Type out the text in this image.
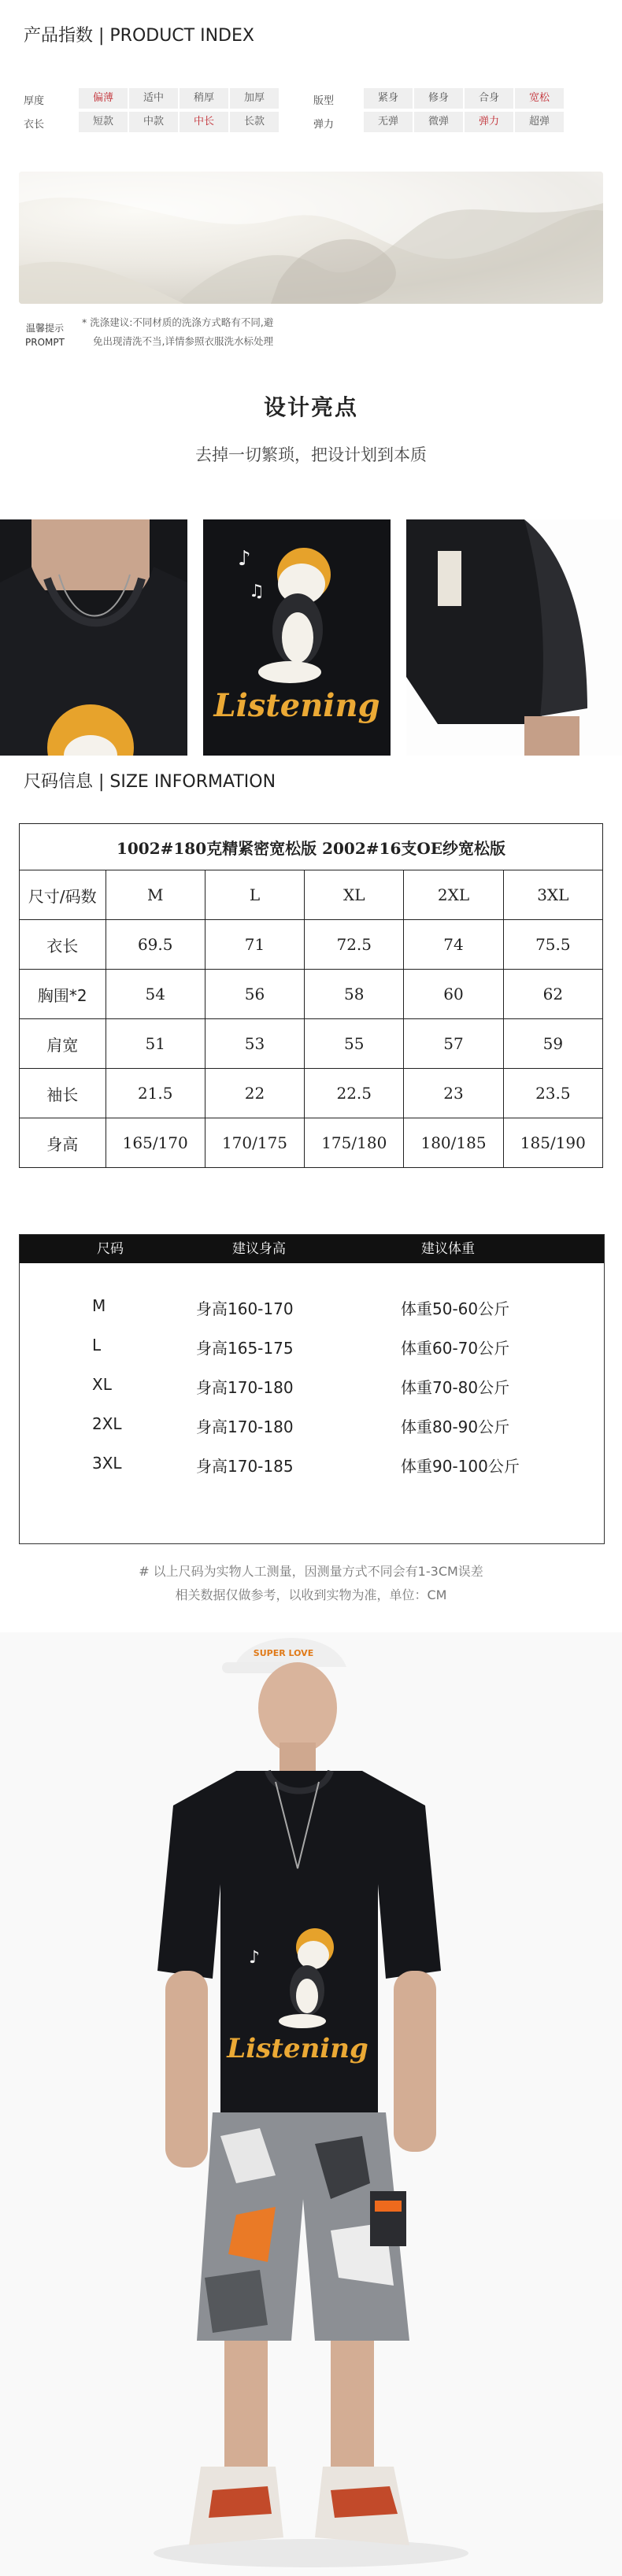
产品指数 | PRODUCT INDEX
厚度	偏薄	适中	稍厚	加厚
衣长	短款	中款	中长	长款
版型	紧身	修身	合身	宽松
弹力	无弹	微弹	弹力	超弹
温馨提示
PROMPT
* 洗涤建议:不同材质的洗涤方式略有不同,避
免出现清洗不当,详情参照衣服洗水标处理
设计亮点
去掉一切繁琐，把设计划到本质
♪
♫
Listening
尺码信息 | SIZE INFORMATION
1002#180克精紧密宽松版 2002#16支OE纱宽松版					
尺寸/码数	M	L	XL	2XL	3XL
衣长	69.5	71	72.5	74	75.5
胸围*2	54	56	58	60	62
肩宽	51	53	55	57	59
袖长	21.5	22	22.5	23	23.5
身高	165/170	170/175	175/180	180/185	185/190
尺码	建议身高	建议体重
M	身高160-170	体重50-60公斤
L	身高165-175	体重60-70公斤
XL	身高170-180	体重70-80公斤
2XL	身高170-180	体重80-90公斤
3XL	身高170-185	体重90-100公斤
# 以上尺码为实物人工测量，因测量方式不同会有1-3CM误差
相关数据仅做参考，以收到实物为准，单位：CM
SUPER LOVE
♪
Listening
